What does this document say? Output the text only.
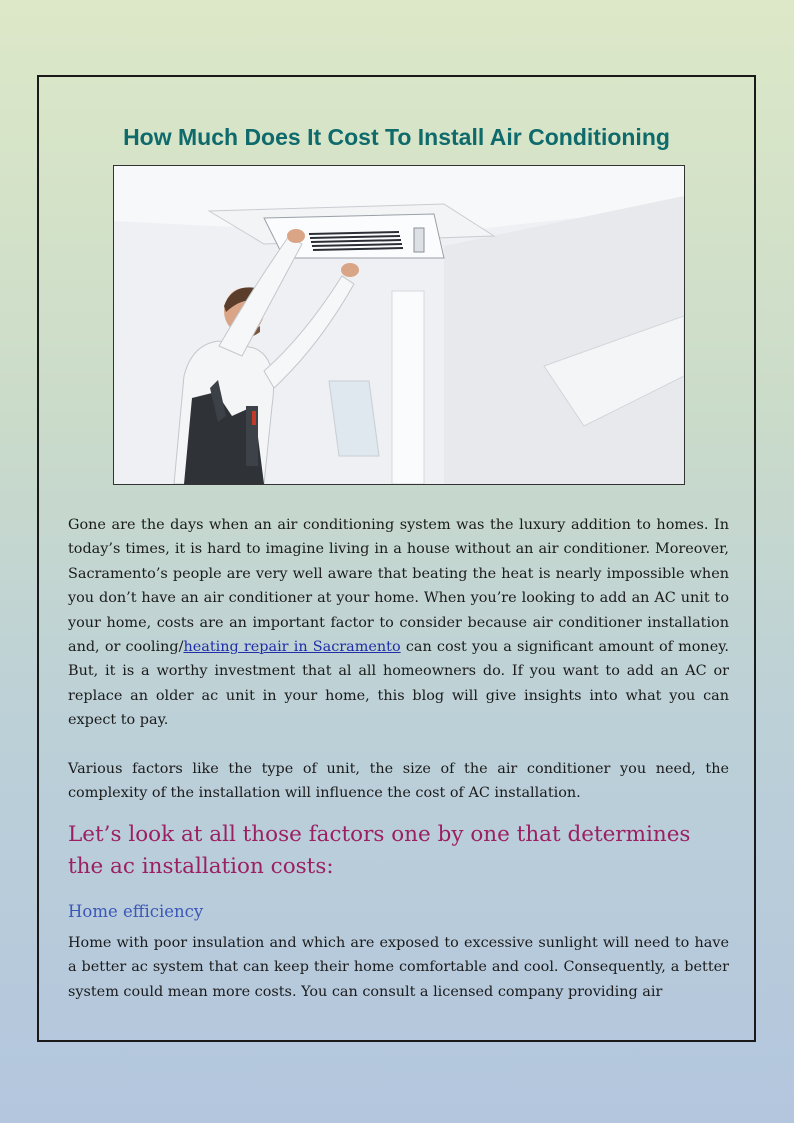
How Much Does It Cost To Install Air Conditioning

Gone are the days when an air conditioning system was the luxury addition to homes. In today’s times, it is hard to imagine living in a house without an air conditioner. Moreover, Sacramento’s people are very well aware that beating the heat is nearly impossible when you don’t have an air conditioner at your home. When you’re looking to add an AC unit to your home, costs are an important factor to consider because air conditioner installation and, or cooling/heating repair in Sacramento can cost you a significant amount of money. But, it is a worthy investment that al all homeowners do. If you want to add an AC or replace an older ac unit in your home, this blog will give insights into what you can expect to pay.

Various factors like the type of unit, the size of the air conditioner you need, the complexity of the installation will influence the cost of AC installation.

Let’s look at all those factors one by one that determines the ac installation costs:
Home efficiency

Home with poor insulation and which are exposed to excessive sunlight will need to have a better ac system that can keep their home comfortable and cool. Consequently, a better system could mean more costs. You can consult a licensed company providing air
